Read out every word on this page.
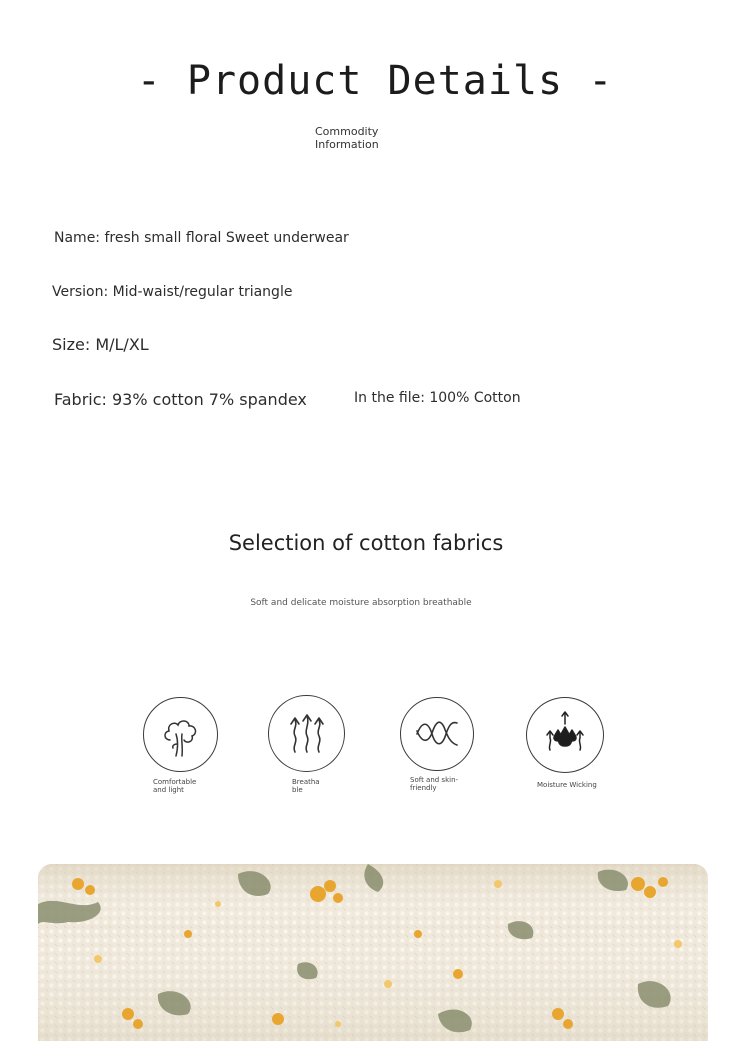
- Product Details -
Commodity
Information
Name: fresh small floral Sweet underwear
Version: Mid-waist/regular triangle
Size: M/L/XL
Fabric: 93% cotton 7% spandex	In the file: 100% Cotton
Selection of cotton fabrics
Soft and delicate moisture absorption breathable
Comfortable
and light
Breatha
ble
Soft and skin-
friendly	Moisture Wicking
